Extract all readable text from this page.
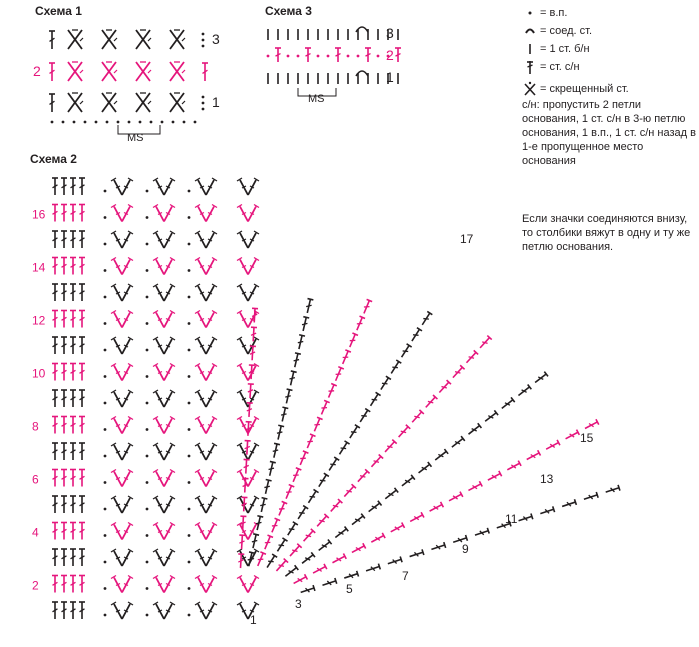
Схема 1
3
2
1
MS
Схема 3
3
2
1
MS
Схема 2
16
14
12
10
8
6
4
2
17
15
13
11
9
7
5
3
1
= в.п.
= соед. ст.
= 1 ст. б/н
= ст. с/н
= скрещенный ст.
с/н: пропустить 2 петли основания, 1 ст. с/н в 3-ю петлю основания, 1 в.п., 1 ст. с/н назад в 1-е пропущенное место основания
Если значки соединяются внизу, то столбики вяжут в одну и ту же петлю основания.
